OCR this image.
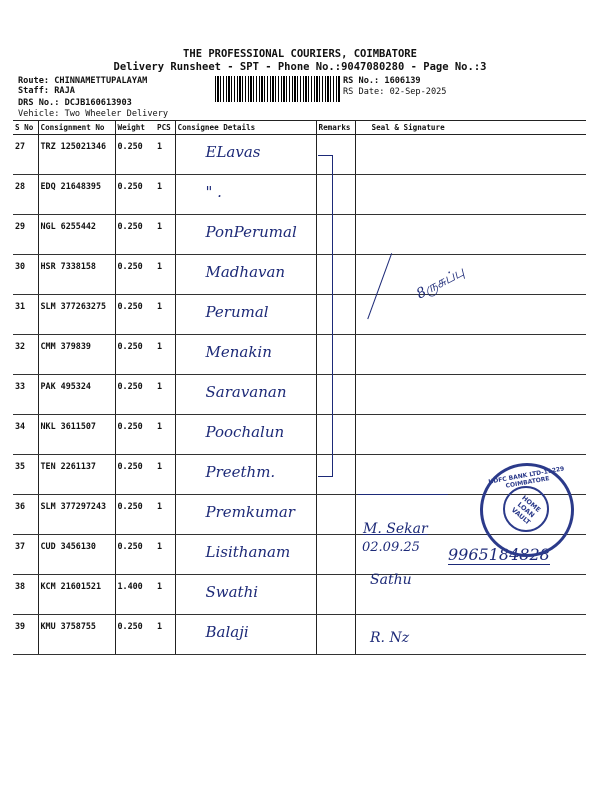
THE PROFESSIONAL COURIERS, COIMBATORE
Delivery Runsheet - SPT - Phone No.:9047080280 - Page No.:3
Route: CHINNAMETTUPALAYAM
Staff: RAJA
DRS No.: DCJB160613903
Vehicle: Two Wheeler Delivery
RS No.: 1606139
RS Date: 02-Sep-2025
S No	Consignment No	Weight	PCS	Consignee Details	Remarks	Seal & Signature
27	TRZ 125021346	0.250	1	ELavas		

28	EDQ 21648395	0.250	1	" .		

29	NGL 6255442	0.250	1	PonPerumal		

30	HSR 7338158	0.250	1	Madhavan		

31	SLM 377263275	0.250	1	Perumal		

32	CMM 379839	0.250	1	Menakin		

33	PAK 495324	0.250	1	Saravanan		

34	NKL 3611507	0.250	1	Poochalun		

35	TEN 2261137	0.250	1	Preethm.		

36	SLM 377297243	0.250	1	Premkumar		

37	CUD 3456130	0.250	1	Lisithanam		

38	KCM 21601521	1.400	1	Swathi		

39	KMU 3758755	0.250	1	Balaji		

8ருசுப்பு
M. Sekar
02.09.25 9965184828
Sathu
R. Nz
HDFC BANK LTD-11229 COIMBATORE
HOME LOAN VAULT
